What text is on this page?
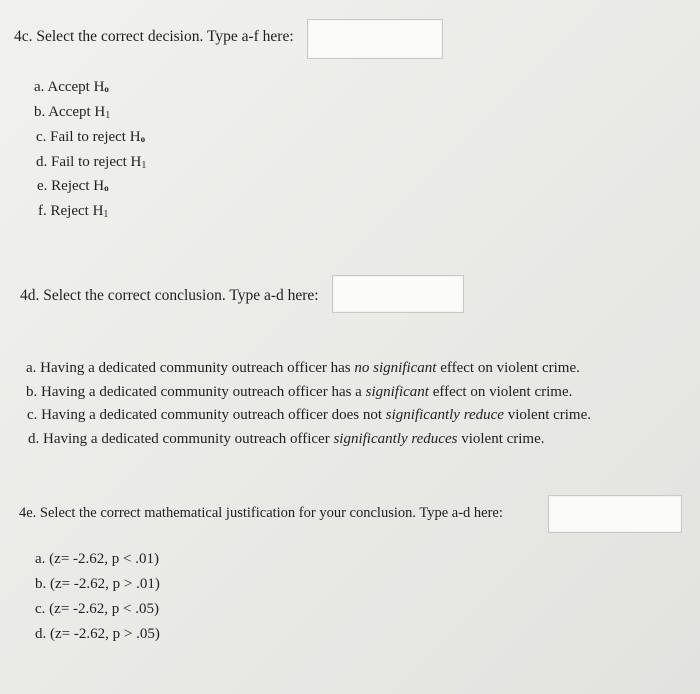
4c. Select the correct decision. Type a-f here:
a. Accept Ho
b. Accept $H_1$
c. Fail to reject Ho
d. Fail to reject $H_1$
e. Reject Ho
f. Reject $H_1$
4d. Select the correct conclusion. Type a-d here:
a. Having a dedicated community outreach officer has no significant effect on violent crime.
b. Having a dedicated community outreach officer has a significant effect on violent crime.
c. Having a dedicated community outreach officer does not significantly reduce violent crime.
d. Having a dedicated community outreach officer significantly reduces violent crime.
4e. Select the correct mathematical justification for your conclusion. Type a-d here:
a. (z= -2.62, p < .01)
b. (z= -2.62, p > .01)
c. (z= -2.62, p < .05)
d. (z= -2.62, p > .05)
